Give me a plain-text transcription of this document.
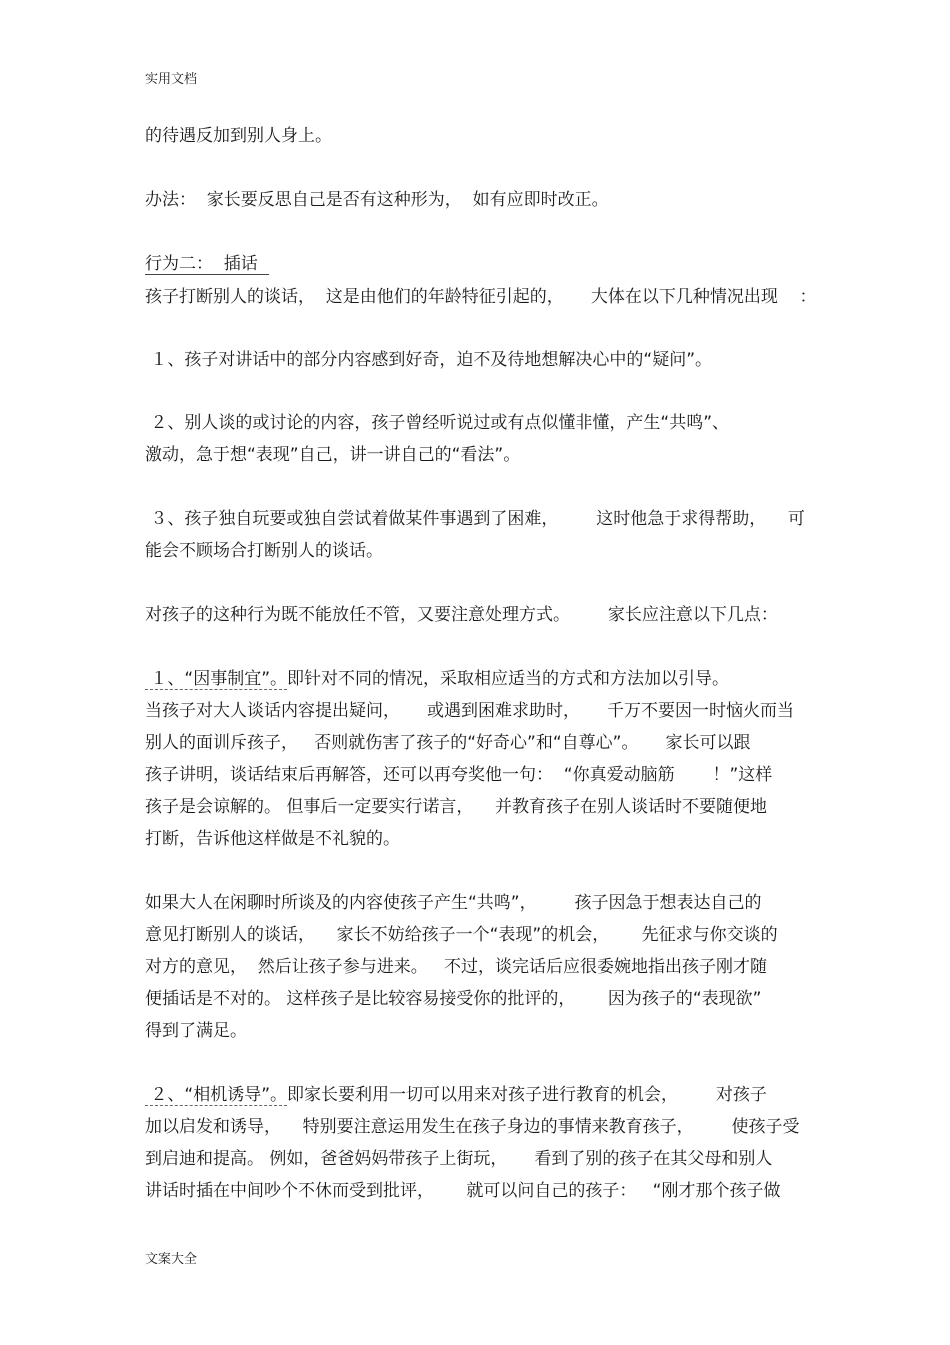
实用文档
的待遇反加到别人身上。
办法：  家长要反思自己是否有这种形为，  如有应即时改正。
行为二：  插话
孩子打断别人的谈话，  这是由他们的年龄特征引起的，     大体在以下几种情况出现    ：
１、孩子对讲话中的部分内容感到好奇，迫不及待地想解决心中的“疑问”。
２、别人谈的或讨论的内容，孩子曾经听说过或有点似懂非懂，产生“共鸣”、
激动，急于想“表现”自己，讲一讲自己的“看法”。
３、孩子独自玩要或独自尝试着做某件事遇到了困难，       这时他急于求得帮助，    可
能会不顾场合打断别人的谈话。
对孩子的这种行为既不能放任不管，又要注意处理方式。       家长应注意以下几点：
１、“因事制宜”。即针对不同的情况，采取相应适当的方式和方法加以引导。
当孩子对大人谈话内容提出疑问，     或遇到困难求助时，     千万不要因一时恼火而当
别人的面训斥孩子，   否则就伤害了孩子的“好奇心”和“自尊心”。     家长可以跟
孩子讲明，谈话结束后再解答，还可以再夸奖他一句：  “你真爱动脑筋       ！”这样
孩子是会谅解的。 但事后一定要实行诺言，    并教育孩子在别人谈话时不要随便地
打断，告诉他这样做是不礼貌的。
如果大人在闲聊时所谈及的内容使孩子产生“共鸣”，       孩子因急于想表达自己的
意见打断别人的谈话，    家长不妨给孩子一个“表现”的机会，      先征求与你交谈的
对方的意见，  然后让孩子参与进来。   不过，谈完话后应很委婉地指出孩子刚才随
便插话是不对的。 这样孩子是比较容易接受你的批评的，      因为孩子的“表现欲”
得到了满足。
２、“相机诱导”。即家长要利用一切可以用来对孩子进行教育的机会，       对孩子
加以启发和诱导，    特别要注意运用发生在孩子身边的事情来教育孩子，       使孩子受
到启迪和提高。 例如，爸爸妈妈带孩子上街玩，     看到了别的孩子在其父母和别人
讲话时插在中间吵个不休而受到批评，      就可以问自己的孩子：   “刚才那个孩子做
文案大全
